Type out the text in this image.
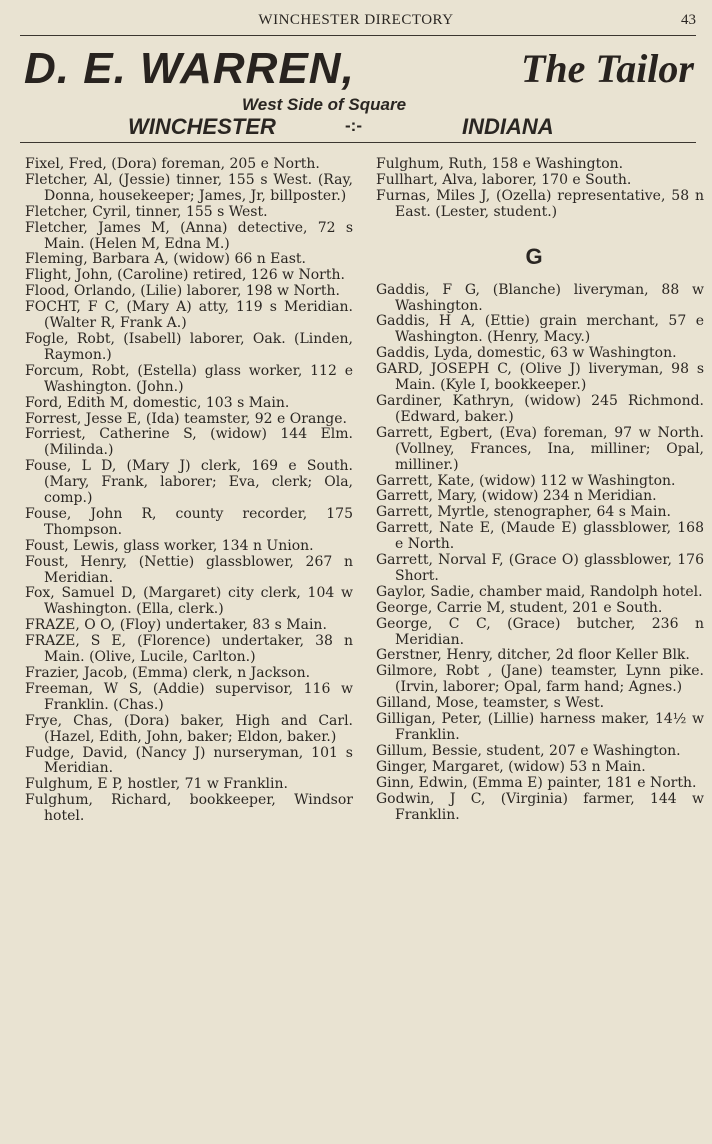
WINCHESTER DIRECTORY	43
D. E. WARREN,	The Tailor
West Side of Square
WINCHESTER	-:-	INDIANA

Fixel, Fred, (Dora) foreman, 205 e North.

Fletcher, Al, (Jessie) tinner, 155 s West. (Ray, Donna, housekeeper; James, Jr, billposter.)

Fletcher, Cyril, tinner, 155 s West.

Fletcher, James M, (Anna) detective, 72 s Main. (Helen M, Edna M.)

Fleming, Barbara A, (widow) 66 n East.

Flight, John, (Caroline) retired, 126 w North.

Flood, Orlando, (Lilie) laborer, 198 w North.

FOCHT, F C, (Mary A) atty, 119 s Meridian. (Walter R, Frank A.)

Fogle, Robt, (Isabell) laborer, Oak. (Linden, Raymon.)

Forcum, Robt, (Estella) glass worker, 112 e Washington. (John.)

Ford, Edith M, domestic, 103 s Main.

Forrest, Jesse E, (Ida) teamster, 92 e Orange.

Forriest, Catherine S, (widow) 144 Elm. (Milinda.)

Fouse, L D, (Mary J) clerk, 169 e South. (Mary, Frank, laborer; Eva, clerk; Ola, comp.)

Fouse, John R, county recorder, 175 Thompson.

Foust, Lewis, glass worker, 134 n Union.

Foust, Henry, (Nettie) glassblower, 267 n Meridian.

Fox, Samuel D, (Margaret) city clerk, 104 w Washington. (Ella, clerk.)

FRAZE, O O, (Floy) undertaker, 83 s Main.

FRAZE, S E, (Florence) undertaker, 38 n Main. (Olive, Lucile, Carlton.)

Frazier, Jacob, (Emma) clerk, n Jackson.

Freeman, W S, (Addie) supervisor, 116 w Franklin. (Chas.)

Frye, Chas, (Dora) baker, High and Carl. (Hazel, Edith, John, baker; Eldon, baker.)

Fudge, David, (Nancy J) nurseryman, 101 s Meridian.

Fulghum, E P, hostler, 71 w Franklin.

Fulghum, Richard, bookkeeper, Windsor hotel.

Fulghum, Ruth, 158 e Washington.

Fullhart, Alva, laborer, 170 e South.

Furnas, Miles J, (Ozella) representative, 58 n East. (Lester, student.)

G

Gaddis, F G, (Blanche) liveryman, 88 w Washington.

Gaddis, H A, (Ettie) grain merchant, 57 e Washington. (Henry, Macy.)

Gaddis, Lyda, domestic, 63 w Washington.

GARD, JOSEPH C, (Olive J) liveryman, 98 s Main. (Kyle I, bookkeeper.)

Gardiner, Kathryn, (widow) 245 Richmond. (Edward, baker.)

Garrett, Egbert, (Eva) foreman, 97 w North. (Vollney, Frances, Ina, milliner; Opal, milliner.)

Garrett, Kate, (widow) 112 w Washington.

Garrett, Mary, (widow) 234 n Meridian.

Garrett, Myrtle, stenographer, 64 s Main.

Garrett, Nate E, (Maude E) glassblower, 168 e North.

Garrett, Norval F, (Grace O) glassblower, 176 Short.

Gaylor, Sadie, chamber maid, Randolph hotel.

George, Carrie M, student, 201 e South.

George, C C, (Grace) butcher, 236 n Meridian.

Gerstner, Henry, ditcher, 2d floor Keller Blk.

Gilmore, Robt , (Jane) teamster, Lynn pike. (Irvin, laborer; Opal, farm hand; Agnes.)

Gilland, Mose, teamster, s West.

Gilligan, Peter, (Lillie) harness maker, 14½ w Franklin.

Gillum, Bessie, student, 207 e Washington.

Ginger, Margaret, (widow) 53 n Main.

Ginn, Edwin, (Emma E) painter, 181 e North.

Godwin, J C, (Virginia) farmer, 144 w Franklin.
